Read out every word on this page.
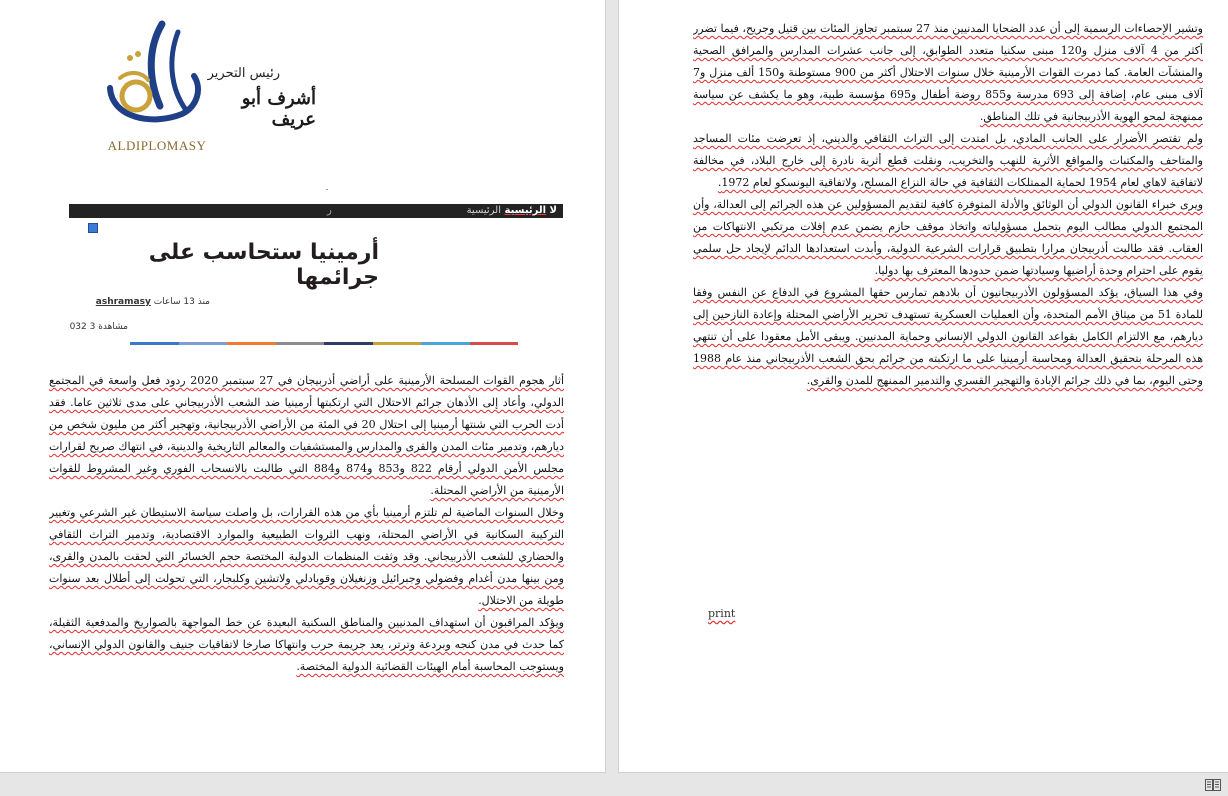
ALDIPLOMASY
رئيس التحرير
أشرف أبو عريف
لا الرئيسية الرئيسية
ر
أرمينيا ستحاسب على جرائمها
منذ 13 ساعات ashramasy
مشاهدة 3 032

أثار هجوم القوات المسلحة الأرمينية على أراضي أذربيجان في 27 سبتمبر 2020 ردود فعل واسعة في المجتمع الدولي، وأعاد إلى الأذهان جرائم الاحتلال التي ارتكبتها أرمينيا ضد الشعب الأذربيجاني على مدى ثلاثين عاما. فقد أدت الحرب التي شنتها أرمينيا إلى احتلال 20 في المئة من الأراضي الأذربيجانية، وتهجير أكثر من مليون شخص من ديارهم، وتدمير مئات المدن والقرى والمدارس والمستشفيات والمعالم التاريخية والدينية، في انتهاك صريح لقرارات مجلس الأمن الدولي أرقام 822 و853 و874 و884 التي طالبت بالانسحاب الفوري وغير المشروط للقوات الأرمينية من الأراضي المحتلة.

وخلال السنوات الماضية لم تلتزم أرمينيا بأي من هذه القرارات، بل واصلت سياسة الاستيطان غير الشرعي وتغيير التركيبة السكانية في الأراضي المحتلة، ونهب الثروات الطبيعية والموارد الاقتصادية، وتدمير التراث الثقافي والحضاري للشعب الأذربيجاني. وقد وثقت المنظمات الدولية المختصة حجم الخسائر التي لحقت بالمدن والقرى، ومن بينها مدن أغدام وفضولي وجبرائيل وزنغيلان وقوبادلي ولاتشين وكلبجار، التي تحولت إلى أطلال بعد سنوات طويلة من الاحتلال.

ويؤكد المراقبون أن استهداف المدنيين والمناطق السكنية البعيدة عن خط المواجهة بالصواريخ والمدفعية الثقيلة، كما حدث في مدن كنجه وبردعة وترتر، يعد جريمة حرب وانتهاكا صارخا لاتفاقيات جنيف والقانون الدولي الإنساني، ويستوجب المحاسبة أمام الهيئات القضائية الدولية المختصة.

وتشير الإحصاءات الرسمية إلى أن عدد الضحايا المدنيين منذ 27 سبتمبر تجاوز المئات بين قتيل وجريح، فيما تضرر أكثر من 4 آلاف منزل و120 مبنى سكنيا متعدد الطوابق، إلى جانب عشرات المدارس والمرافق الصحية والمنشآت العامة. كما دمرت القوات الأرمينية خلال سنوات الاحتلال أكثر من 900 مستوطنة و150 ألف منزل و7 آلاف مبنى عام، إضافة إلى 693 مدرسة و855 روضة أطفال و695 مؤسسة طبية، وهو ما يكشف عن سياسة ممنهجة لمحو الهوية الأذربيجانية في تلك المناطق.

ولم تقتصر الأضرار على الجانب المادي، بل امتدت إلى التراث الثقافي والديني، إذ تعرضت مئات المساجد والمتاحف والمكتبات والمواقع الأثرية للنهب والتخريب، ونقلت قطع أثرية نادرة إلى خارج البلاد، في مخالفة لاتفاقية لاهاي لعام 1954 لحماية الممتلكات الثقافية في حالة النزاع المسلح، ولاتفاقية اليونسكو لعام 1972.

ويرى خبراء القانون الدولي أن الوثائق والأدلة المتوفرة كافية لتقديم المسؤولين عن هذه الجرائم إلى العدالة، وأن المجتمع الدولي مطالب اليوم بتحمل مسؤولياته واتخاذ موقف حازم يضمن عدم إفلات مرتكبي الانتهاكات من العقاب. فقد طالبت أذربيجان مرارا بتطبيق قرارات الشرعية الدولية، وأبدت استعدادها الدائم لإيجاد حل سلمي يقوم على احترام وحدة أراضيها وسيادتها ضمن حدودها المعترف بها دوليا.

وفي هذا السياق، يؤكد المسؤولون الأذربيجانيون أن بلادهم تمارس حقها المشروع في الدفاع عن النفس وفقا للمادة 51 من ميثاق الأمم المتحدة، وأن العمليات العسكرية تستهدف تحرير الأراضي المحتلة وإعادة النازحين إلى ديارهم، مع الالتزام الكامل بقواعد القانون الدولي الإنساني وحماية المدنيين. ويبقى الأمل معقودا على أن تنتهي هذه المرحلة بتحقيق العدالة ومحاسبة أرمينيا على ما ارتكبته من جرائم بحق الشعب الأذربيجاني منذ عام 1988 وحتى اليوم، بما في ذلك جرائم الإبادة والتهجير القسري والتدمير الممنهج للمدن والقرى.

print
